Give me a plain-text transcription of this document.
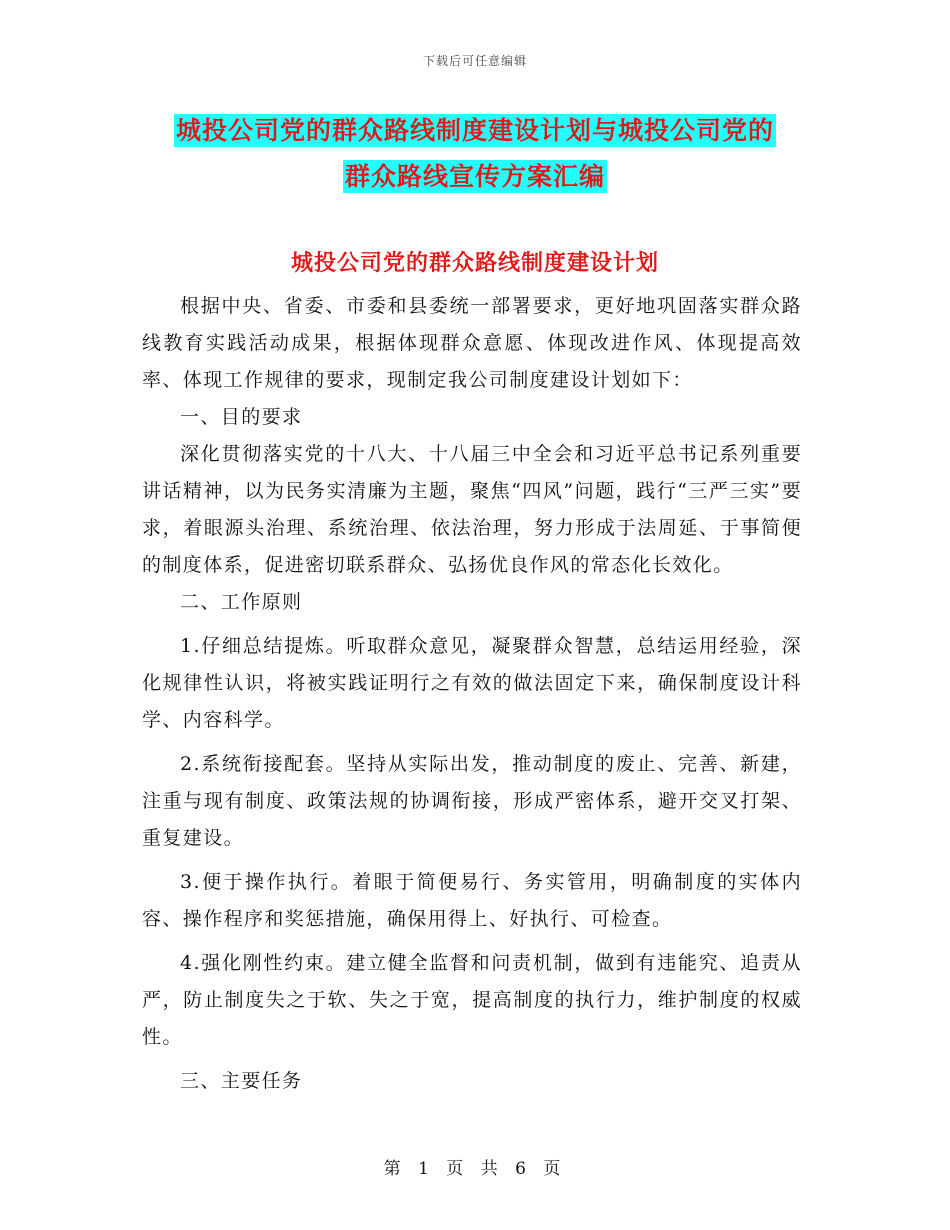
下载后可任意编辑
城投公司党的群众路线制度建设计划与城投公司党的
群众路线宣传方案汇编
城投公司党的群众路线制度建设计划

根据中央、省委、市委和县委统一部署要求，更好地巩固落实群众路线教育实践活动成果，根据体现群众意愿、体现改进作风、体现提高效率、体现工作规律的要求，现制定我公司制度建设计划如下：

一、目的要求

深化贯彻落实党的十八大、十八届三中全会和习近平总书记系列重要讲话精神，以为民务实清廉为主题，聚焦“四风”问题，践行“三严三实”要求，着眼源头治理、系统治理、依法治理，努力形成于法周延、于事简便的制度体系，促进密切联系群众、弘扬优良作风的常态化长效化。

二、工作原则

1.仔细总结提炼。听取群众意见，凝聚群众智慧，总结运用经验，深化规律性认识，将被实践证明行之有效的做法固定下来，确保制度设计科学、内容科学。

2.系统衔接配套。坚持从实际出发，推动制度的废止、完善、新建，注重与现有制度、政策法规的协调衔接，形成严密体系，避开交叉打架、重复建设。

3.便于操作执行。着眼于简便易行、务实管用，明确制度的实体内容、操作程序和奖惩措施，确保用得上、好执行、可检查。

4.强化刚性约束。建立健全监督和问责机制，做到有违能究、追责从严，防止制度失之于软、失之于宽，提高制度的执行力，维护制度的权威性。

三、主要任务

第 1 页 共 6 页
